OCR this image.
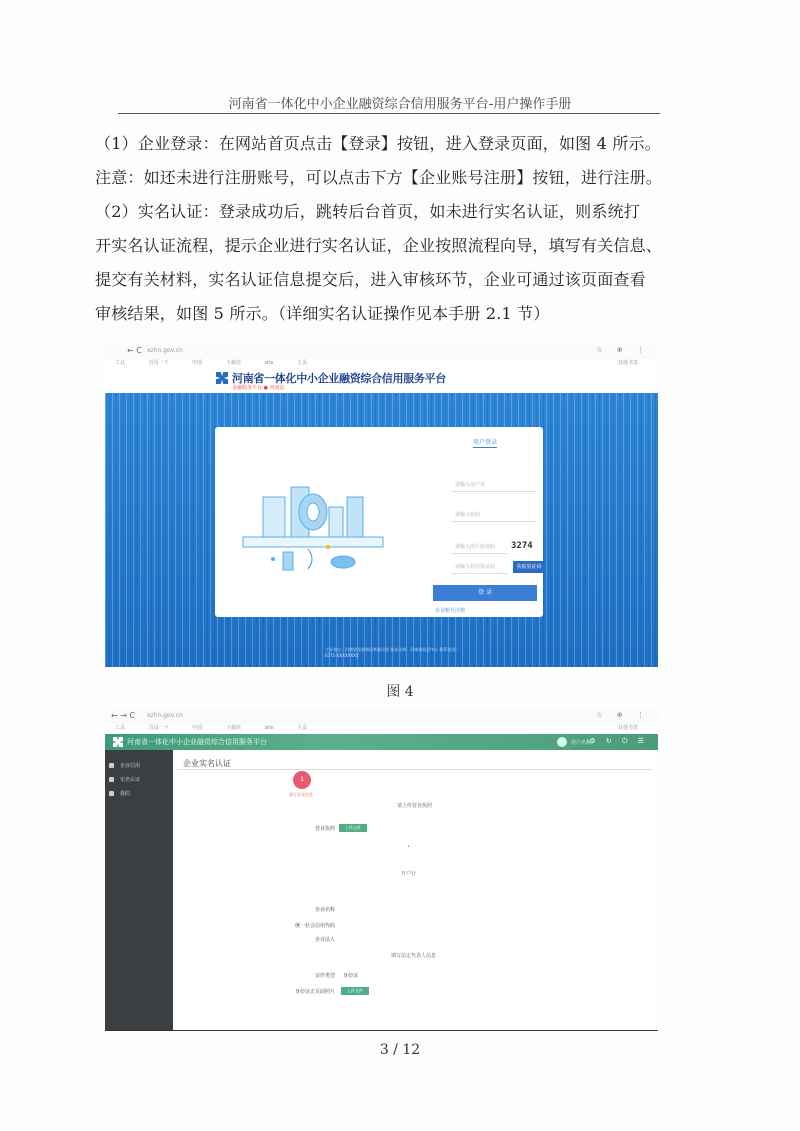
河南省一体化中小企业融资综合信用服务平台-用户操作手册
（1）企业登录：在网站首页点击【登录】按钮，进入登录页面，如图 4 所示。
注意：如还未进行注册账号，可以点击下方【企业账号注册】按钮，进行注册。
（2）实名认证：登录成功后，跳转后台首页，如未进行实名认证，则系统打
开实名认证流程，提示企业进行实名认证，企业按照流程向导，填写有关信息、
提交有关材料，实名认证信息提交后，进入审核环节，企业可通过该页面查看
审核结果，如图 5 所示。（详细实名认证操作见本手册 2.1 节）
← C xzhn.gov.cn	☆ ⊕ ⋮
工具	首页一下	中国	下载站	site	主页	其他书签
河南省一体化中小企业融资综合信用服务平台
金融服务平台 ● 河南站
用户登录
请输入用户名
请输入密码
请输入图片验证码	3274
请输入短信验证码	获取验证码
登 录
企业账号注册
主办单位：河南省发展和改革委员会 技术支持：河南省信息中心 联系电话：0371-XXXXXXXX
图 4
← → C xzhn.gov.cn	☆ ⊕ ⋮
工具	首页一下	中国	下载站	site	主页	其他书签
河南省一体化中小企业融资综合信用服务平台	用户名称
⚙ ↻ ⏻ ☰
企业信用
实名认证
我的
企业实名认证
1
填写企业信息
请上传营业执照
营业执照	上传文件
•
开户行
企业名称
统一社会信用代码
企业法人
填写法定代表人信息
证件类型 身份证
身份证正反面照片	上传文件
3 / 12
